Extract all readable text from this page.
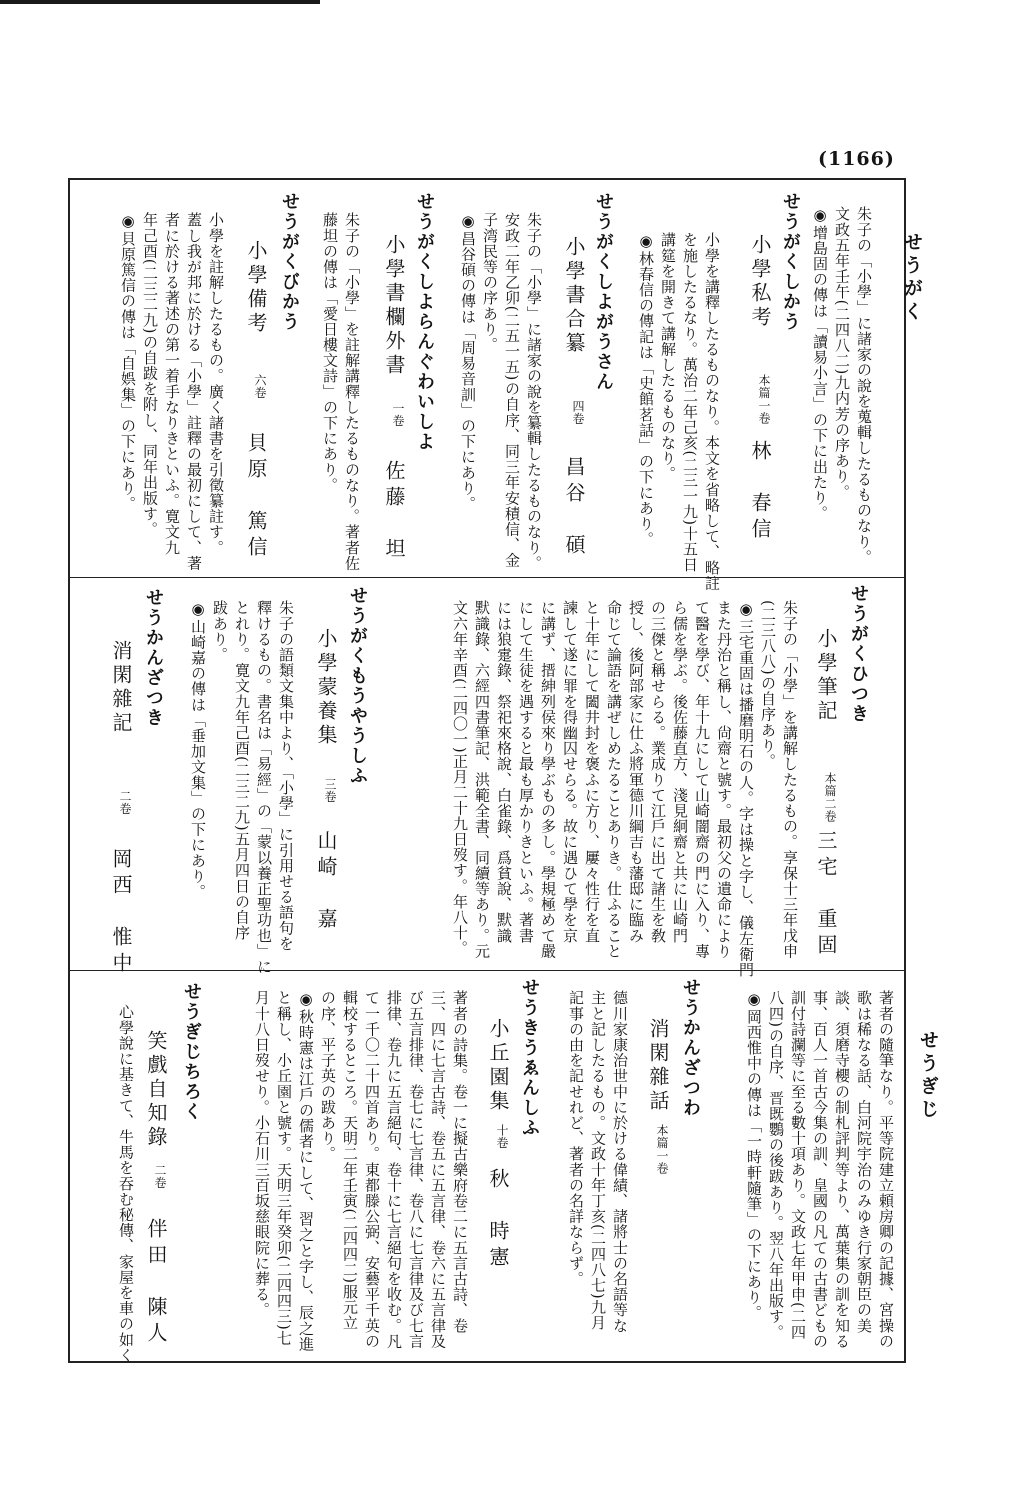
(1166)
せうがく
せうぎじ
朱子の「小學」に諸家の說を蒐輯したるものなり。
文政五年壬午(二四八二)九内芳の序あり。
◉增島固の傳は「讀易小言」の下に出たり。
せうがくしかう
小學私考
本篇一卷
林　春信
小學を講釋したるものなり。本文を省略して、略註
を施したるなり。萬治二年己亥(二三一九)十五日
講筵を開きて講解したるものなり。
◉林春信の傳記は「史館茗話」の下にあり。
せうがくしよがうさん
小學書合纂
四卷
昌谷　碩
朱子の「小學」に諸家の說を纂輯したるものなり。
安政二年乙卯(二五一五)の自序、同三年安積信、金
子湾民等の序あり。
◉昌谷碩の傳は「周易音訓」の下にあり。
せうがくしよらんぐわいしよ
小學書欄外書
一卷
佐藤　坦
朱子の「小學」を註解講釋したるものなり。著者佐
藤坦の傳は「愛日樓文詩」の下にあり。
せうがくびかう
小學備考
六卷
貝原　篤信
小學を註解したるもの。廣く諸書を引徵纂註す。
蓋し我が邦に於ける「小學」註釋の最初にして、著
者に於ける著述の第一着手なりきといふ。寛文九
年己酉(二三二九)の自跋を附し、同年出版す。
◉貝原篤信の傳は「自娯集」の下にあり。
せうがくひつき
小學筆記
本篇二卷
三宅　重固
朱子の「小學」を講解したるもの。享保十三年戊申
(二三八八)の自序あり。
◉三宅重固は播磨明石の人。字は操と字し、儀左衛門
また丹治と稱し、尙齋と號す。最初父の遺命により
て醫を學び、年十九にして山崎闇齋の門に入り、專
ら儒を學ぶ。後佐藤直方、淺見絅齋と共に山崎門
の三傑と稱せらる。業成りて江戶に出て諸生を敎
授し、後阿部家に仕ふ將軍德川綱吉も藩邸に臨み
命じて論語を講ぜしめたることありき。仕ふること
と十年にして闔井封を褒ふに方り、屢々性行を直
諫して遂に罪を得幽囚せらる。故に遇ひて學を京
に講ず、搢紳列侯來り學ぶもの多し。學規極めて嚴
にして生徒を遇すると最も厚かりきといふ。著書
には狼疐錄、祭祀來格說、白雀錄、爲貧說、默識
默識錄、六經四書筆記、洪範全書、同續等あり。元
文六年辛酉(二四〇一)正月二十九日歿す。年八十。
せうがくもうやうしふ
小學蒙養集
三卷
山崎　嘉
朱子の語類文集中より、「小學」に引用せる語句を
釋けるもの。書名は「易經」の「蒙以養正聖功也」に
とれり。寛文九年己酉(二三二九)五月四日の自序
跋あり。
◉山崎嘉の傳は「垂加文集」の下にあり。
せうかんざつき
消閑雜記
二卷
岡西　惟中
著者の隨筆なり。平等院建立頼房卿の記據、宮操の
歌は稀なる話、白河院宇治のみゆき行家朝臣の美
談、須磨寺櫻の制札評判等より、萬葉集の訓を知る
事、百人一首古今集の訓、皇國の凡ての古書どもの
訓付詩瀾等に至る數十項あり。文政七年甲申(二四
八四)の自序、晋既鸚の後跋あり。翌八年出版す。
◉岡西惟中の傳は「一時軒隨筆」の下にあり。
せうかんざつわ
消閑雜話
本篇一卷
德川家康治世中に於ける偉績、諸將士の名語等な
主と記したるもの。文政十年丁亥(二四八七)九月
記事の由を記せれど、著者の名詳ならず。
せうきうゑんしふ
小丘園集
十卷
秋　時憲
著者の詩集。卷一に擬古樂府卷二に五言古詩、卷
三、四に七言古詩、卷五に五言律、卷六に五言律及
び五言排律、卷七に七言律、卷八に七言律及び七言
排律、卷九に五言絕句、卷十に七言絕句を收む。凡
て一千〇二十四首あり。東都滕公弼、安藝平千英の
輯校するところ。天明二年壬寅(二四四二)服元立
の序、平子英の跋あり。
◉秋時憲は江戶の儒者にして、習之と字し、辰之進
と稱し、小丘園と號す。天明三年癸卯(二四四三)七
月十八日歿せり。小石川三百坂慈眼院に葬る。
せうぎじちろく
笑戲自知錄
二卷
伴田　陳人
心學說に基きて、牛馬を吞む秘傳、家屋を車の如く
